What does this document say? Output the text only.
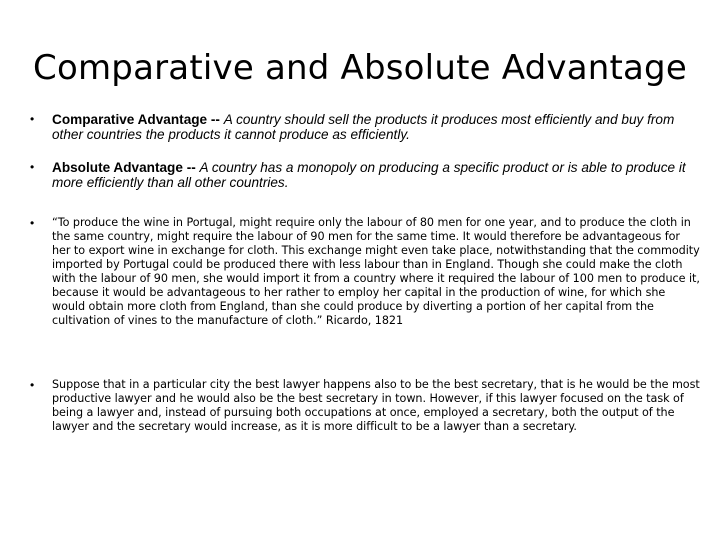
Comparative and Absolute Advantage
•	Comparative Advantage -- A country should sell the products it produces most efficiently and buy from other countries the products it cannot produce as efficiently.
•	Absolute Advantage -- A country has a monopoly on producing a specific product or is able to produce it more efficiently than all other countries.
•	“To produce the wine in Portugal, might require only the labour of 80 men for one year, and to produce the cloth in the same country, might require the labour of 90 men for the same time. It would therefore be advantageous for her to export wine in exchange for cloth. This exchange might even take place, notwithstanding that the commodity imported by Portugal could be produced there with less labour than in England. Though she could make the cloth with the labour of 90 men, she would import it from a country where it required the labour of 100 men to produce it, because it would be advantageous to her rather to employ her capital in the production of wine, for which she would obtain more cloth from England, than she could produce by diverting a portion of her capital from the cultivation of vines to the manufacture of cloth.” Ricardo, 1821
•	Suppose that in a particular city the best lawyer happens also to be the best secretary, that is he would be the most productive lawyer and he would also be the best secretary in town. However, if this lawyer focused on the task of being a lawyer and, instead of pursuing both occupations at once, employed a secretary, both the output of the lawyer and the secretary would increase, as it is more difficult to be a lawyer than a secretary.
